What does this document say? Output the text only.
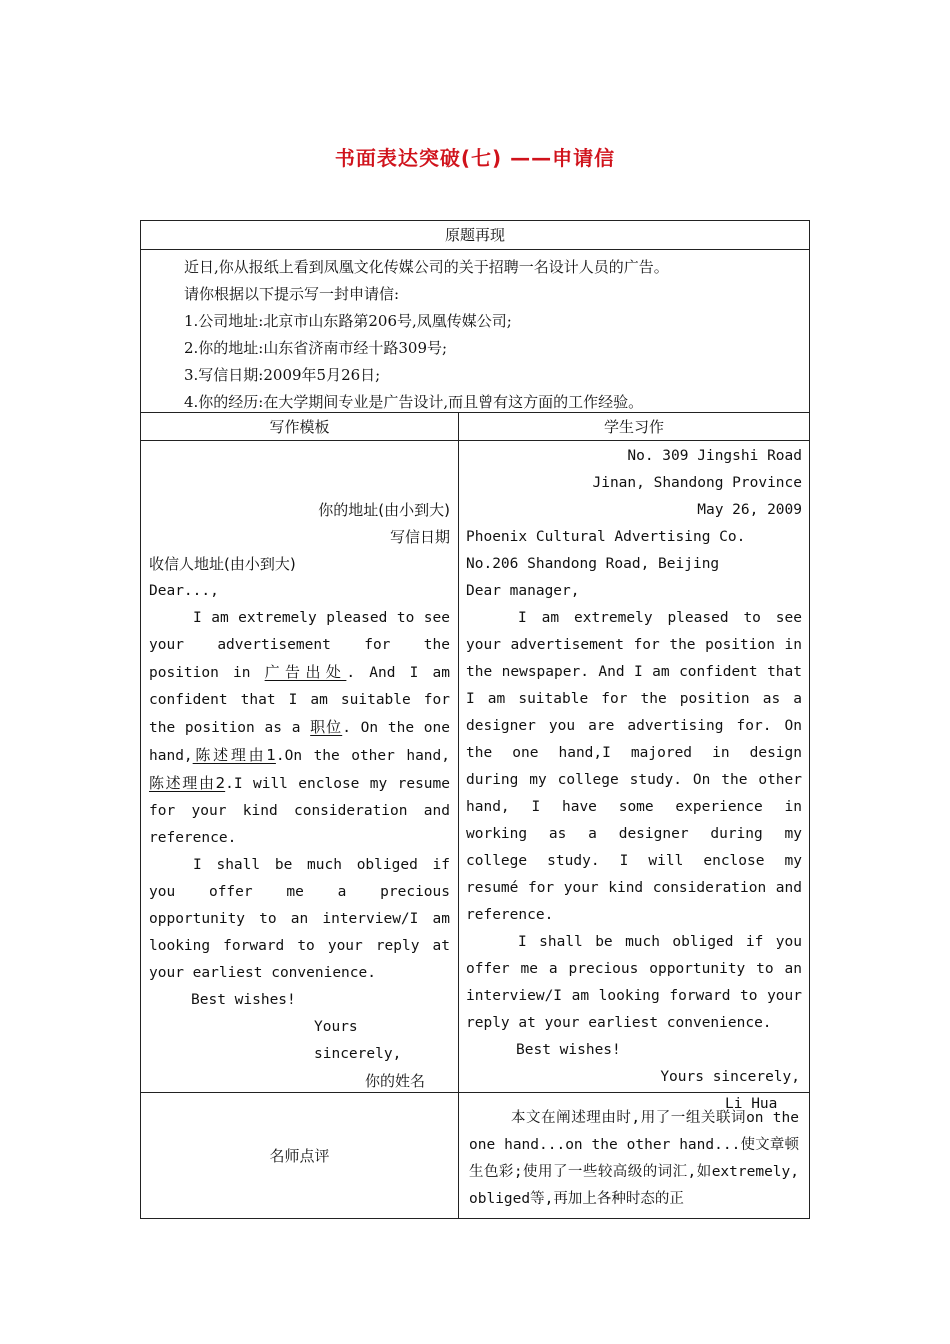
书面表达突破(七) ——申请信
原题再现

近日,你从报纸上看到凤凰文化传媒公司的关于招聘一名设计人员的广告。

请你根据以下提示写一封申请信:

1.公司地址:北京市山东路第206号,凤凰传媒公司;

2.你的地址:山东省济南市经十路309号;

3.写信日期:2009年5月26日;

4.你的经历:在大学期间专业是广告设计,而且曾有这方面的工作经验。

写作模板	学生习作

你的地址(由小到大)

写信日期

收信人地址(由小到大)

Dear...,

I am extremely pleased to see your advertisement for the position in 广告出处. And I am confident that I am suitable for the position as a 职位. On the one hand,陈述理由1.On the other hand, 陈述理由2.I will enclose my resume for your kind consideration and reference.

I shall be much obliged if you offer me a precious opportunity to an interview/I am looking forward to your reply at your earliest convenience.

Best wishes!

Yours sincerely,

你的姓名

No. 309 Jingshi Road

Jinan, Shandong Province

May 26, 2009

Phoenix Cultural Advertising Co.

No.206 Shandong Road, Beijing

Dear manager,

I am extremely pleased to see your advertisement for the position in the newspaper. And I am confident that I am suitable for the position as a designer you are advertising for. On the one hand,I majored in design during my college study. On the other hand, I have some experience in working as a designer during my college study. I will enclose my resumé for your kind consideration and reference.

I shall be much obliged if you offer me a precious opportunity to an interview/I am looking forward to your reply at your earliest convenience.

Best wishes!

Yours sincerely,

Li Hua

名师点评

本文在阐述理由时,用了一组关联词on the one hand...on the other hand...使文章顿生色彩;使用了一些较高级的词汇,如extremely, obliged等,再加上各种时态的正
